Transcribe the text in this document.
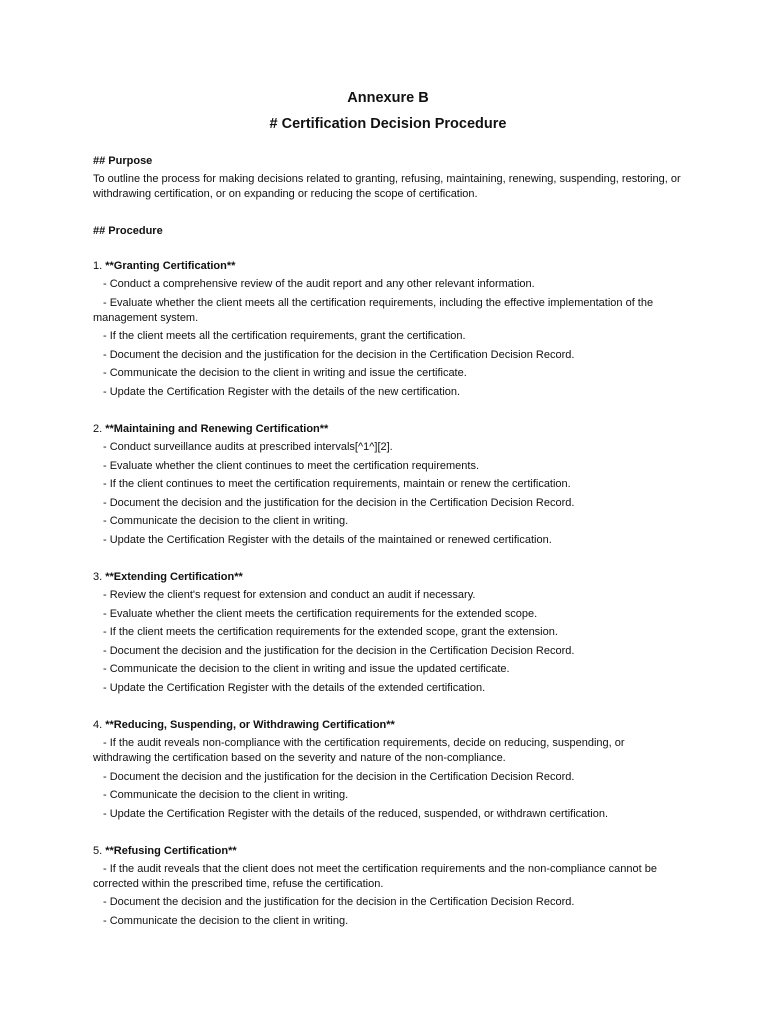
Annexure B
# Certification Decision Procedure

## Purpose

To outline the process for making decisions related to granting, refusing, maintaining, renewing, suspending, restoring, or withdrawing certification, or on expanding or reducing the scope of certification.

## Procedure

1. **Granting Certification**

- Conduct a comprehensive review of the audit report and any other relevant information.

- Evaluate whether the client meets all the certification requirements, including the effective implementation of the management system.

- If the client meets all the certification requirements, grant the certification.

- Document the decision and the justification for the decision in the Certification Decision Record.

- Communicate the decision to the client in writing and issue the certificate.

- Update the Certification Register with the details of the new certification.

2. **Maintaining and Renewing Certification**

- Conduct surveillance audits at prescribed intervals[^1^][2].

- Evaluate whether the client continues to meet the certification requirements.

- If the client continues to meet the certification requirements, maintain or renew the certification.

- Document the decision and the justification for the decision in the Certification Decision Record.

- Communicate the decision to the client in writing.

- Update the Certification Register with the details of the maintained or renewed certification.

3. **Extending Certification**

- Review the client's request for extension and conduct an audit if necessary.

- Evaluate whether the client meets the certification requirements for the extended scope.

- If the client meets the certification requirements for the extended scope, grant the extension.

- Document the decision and the justification for the decision in the Certification Decision Record.

- Communicate the decision to the client in writing and issue the updated certificate.

- Update the Certification Register with the details of the extended certification.

4. **Reducing, Suspending, or Withdrawing Certification**

- If the audit reveals non-compliance with the certification requirements, decide on reducing, suspending, or withdrawing the certification based on the severity and nature of the non-compliance.

- Document the decision and the justification for the decision in the Certification Decision Record.

- Communicate the decision to the client in writing.

- Update the Certification Register with the details of the reduced, suspended, or withdrawn certification.

5. **Refusing Certification**

- If the audit reveals that the client does not meet the certification requirements and the non-compliance cannot be corrected within the prescribed time, refuse the certification.

- Document the decision and the justification for the decision in the Certification Decision Record.

- Communicate the decision to the client in writing.
